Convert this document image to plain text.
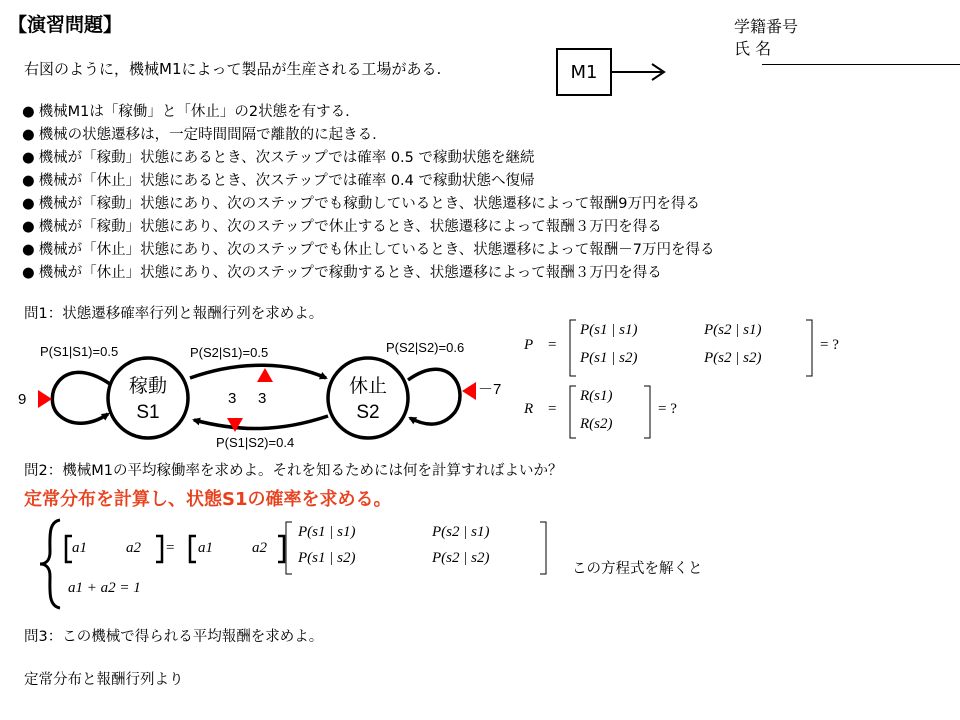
【演習問題】	学籍番号
氏 名
右図のように，機械M1によって製品が生産される工場がある.	M1
● 機械M1は「稼働」と「休止」の2状態を有する.
● 機械の状態遷移は，一定時間間隔で離散的に起きる.
● 機械が「稼動」状態にあるとき、次ステップでは確率 0.5 で稼動状態を継続
● 機械が「休止」状態にあるとき、次ステップでは確率 0.4 で稼動状態へ復帰
● 機械が「稼動」状態にあり、次のステップでも稼動しているとき、状態遷移によって報酬9万円を得る
● 機械が「稼動」状態にあり、次のステップで休止するとき、状態遷移によって報酬３万円を得る
● 機械が「休止」状態にあり、次のステップでも休止しているとき、状態遷移によって報酬－7万円を得る
● 機械が「休止」状態にあり、次のステップで稼動するとき、状態遷移によって報酬３万円を得る
問1：状態遷移確率行列と報酬行列を求めよ。
稼動
S1
休止
S2
P(S1|S1)=0.5	P(S2|S1)=0.5	P(S2|S2)=0.6
P(S1|S2)=0.4
9
－7
3 3
P =
P(s1 | s1)	P(s2 | s1)
P(s1 | s2)	P(s2 | s2)
= ?
R =
R(s1)
R(s2)
= ?
問2：機械M1の平均稼働率を求めよ。それを知るためには何を計算すればよいか？
定常分布を計算し、状態S1の確率を求める。
a1	a2 = a1	a2
P(s1 | s1)	P(s2 | s1)
P(s1 | s2)	P(s2 | s2)
この方程式を解くと
a1 + a2 = 1
問3：この機械で得られる平均報酬を求めよ。
定常分布と報酬行列より
